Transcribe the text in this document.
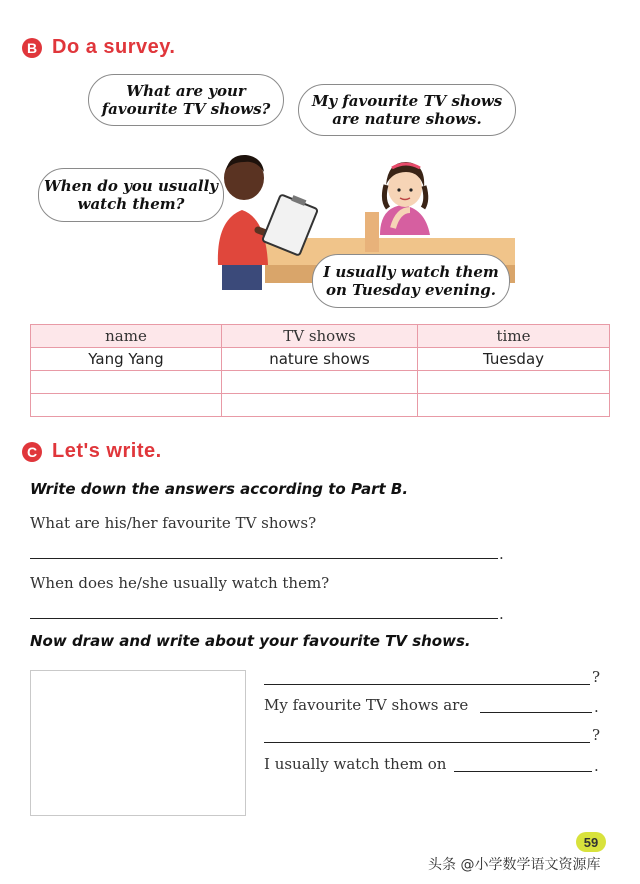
B Do a survey.
What are your
favourite TV shows?	My favourite TV shows
are nature shows.
When do you usually
watch them?
I usually watch them
on Tuesday evening.
name	TV shows	time
Yang Yang	nature shows	Tuesday

C Let's write.
Write down the answers according to Part B.
What are his/her favourite TV shows?
.
When does he/she usually watch them?
.
Now draw and write about your favourite TV shows.
?
My favourite TV shows are	.
?
I usually watch them on	.
59
头条 @小学数学语文资源库
